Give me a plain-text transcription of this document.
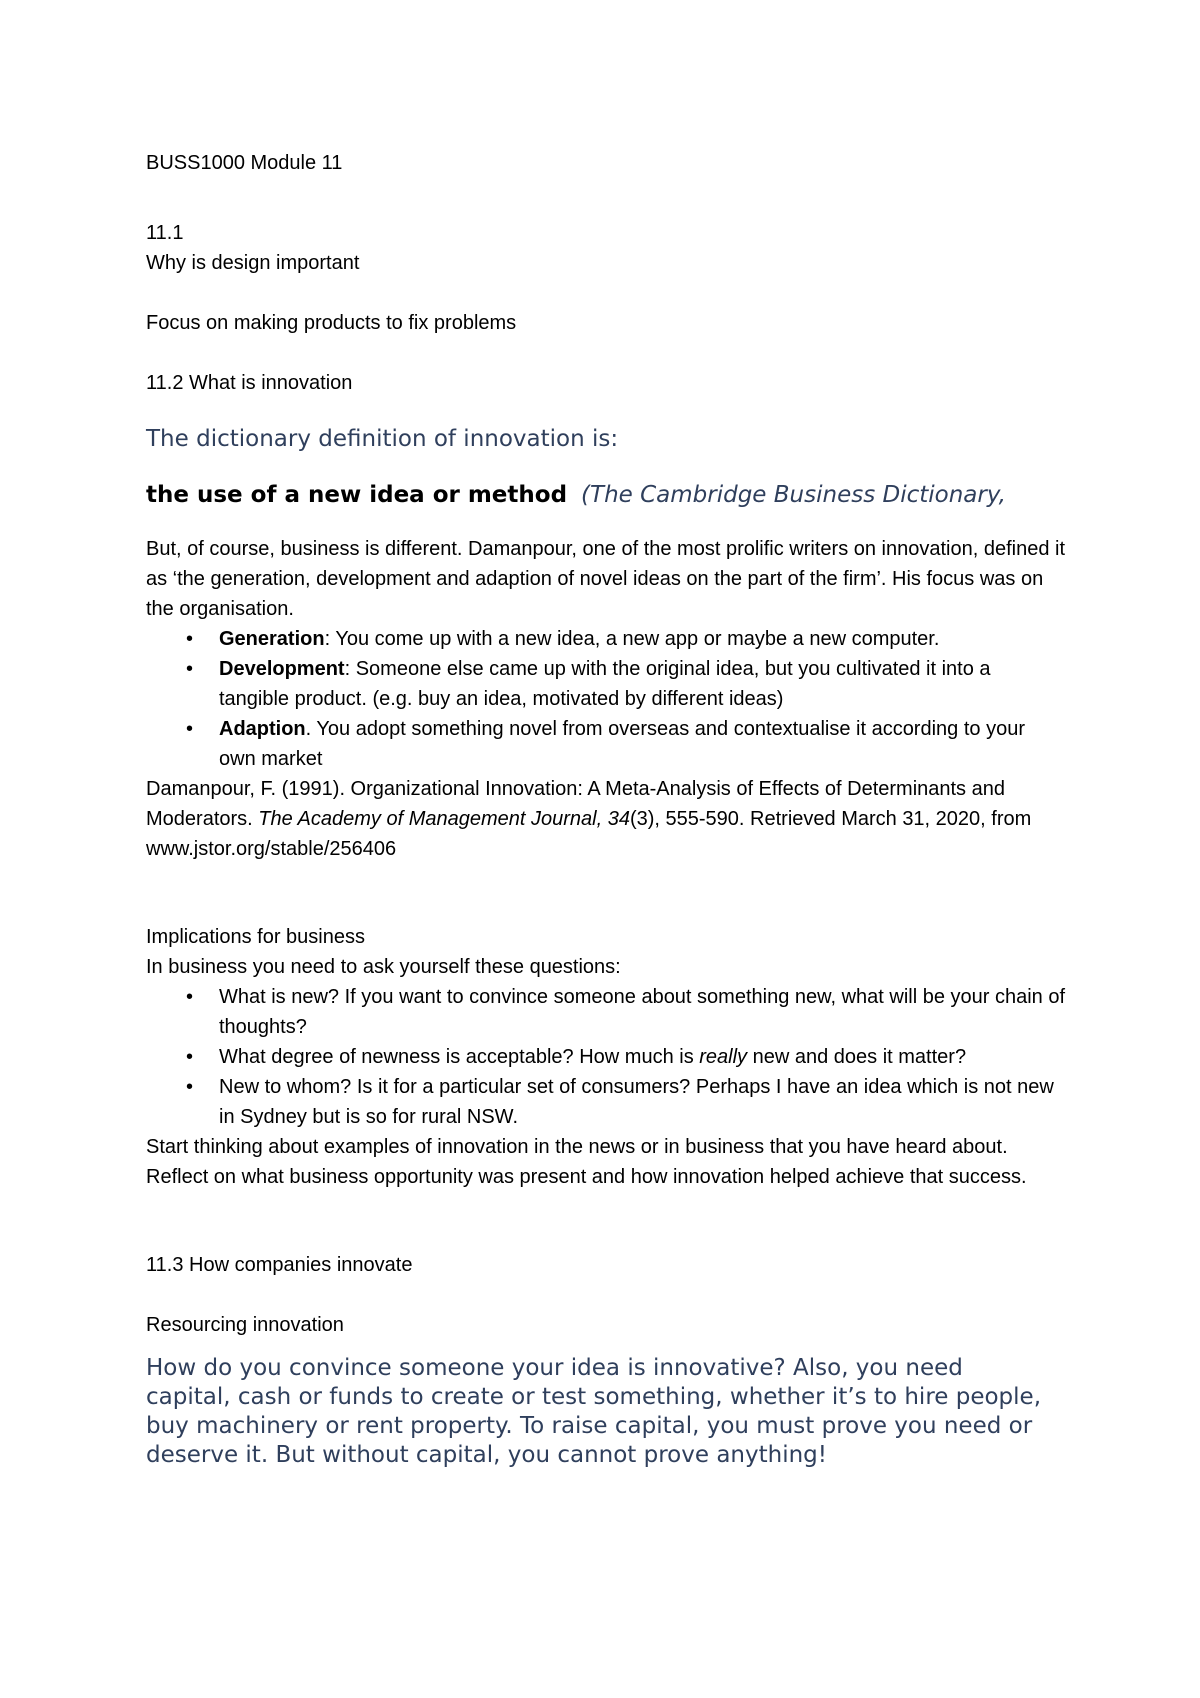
BUSS1000 Module 11

11.1

Why is design important

Focus on making products to fix problems

11.2 What is innovation

The dictionary definition of innovation is:

the use of a new idea or method (The Cambridge Business Dictionary,

But, of course, business is different. Damanpour, one of the most prolific writers on innovation, defined it as ‘the generation, development and adaption of novel ideas on the part of the firm’. His focus was on the organisation.

• Generation: You come up with a new idea, a new app or maybe a new computer.
• Development: Someone else came up with the original idea, but you cultivated it into a tangible product. (e.g. buy an idea, motivated by different ideas)
• Adaption. You adopt something novel from overseas and contextualise it according to your own market

Damanpour, F. (1991). Organizational Innovation: A Meta-Analysis of Effects of Determinants and Moderators. The Academy of Management Journal, 34(3), 555-590. Retrieved March 31, 2020, from www.jstor.org/stable/256406

Implications for business

In business you need to ask yourself these questions:

• What is new? If you want to convince someone about something new, what will be your chain of thoughts?
• What degree of newness is acceptable? How much is really new and does it matter?
• New to whom? Is it for a particular set of consumers? Perhaps I have an idea which is not new in Sydney but is so for rural NSW.

Start thinking about examples of innovation in the news or in business that you have heard about. Reflect on what business opportunity was present and how innovation helped achieve that success.

11.3 How companies innovate

Resourcing innovation

How do you convince someone your idea is innovative? Also, you need capital, cash or funds to create or test something, whether it’s to hire people, buy machinery or rent property. To raise capital, you must prove you need or deserve it. But without capital, you cannot prove anything!
